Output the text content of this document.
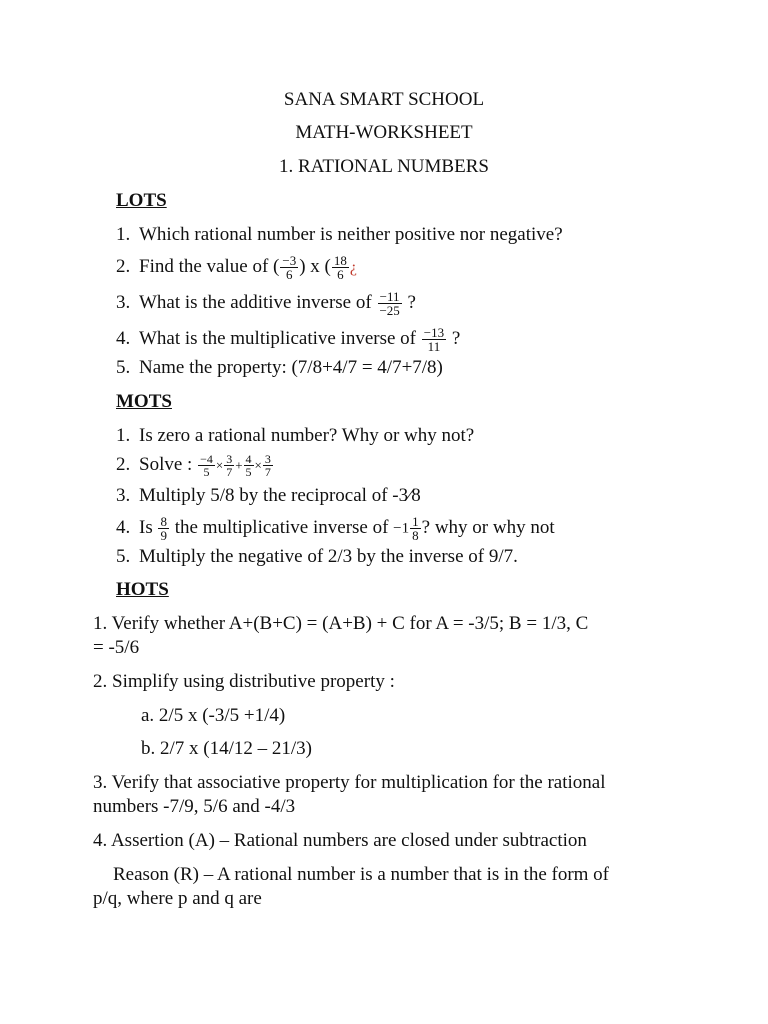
SANA SMART SCHOOL
MATH-WORKSHEET
1. RATIONAL NUMBERS
LOTS
1. Which rational number is neither positive nor negative?
2. Find the value of ( $\frac{-3}{6}$ ) x ( $\frac{18}{6}$ ¿
3. What is the additive inverse of $\frac{-11}{-25}$ ?
4. What is the multiplicative inverse of $\frac{-13}{11}$ ?
5. Name the property: (7/8+4/7 = 4/7+7/8)
MOTS
1. Is zero a rational number? Why or why not?
2. Solve : $\frac{-4}{5} \times \frac{3}{7} + \frac{4}{5} \times \frac{3}{7}$
3. Multiply 5/8 by the reciprocal of -3⁄8
4. Is $\frac{8}{9}$ the multiplicative inverse of $-1 \frac{1}{8}$ ? why or why not
5. Multiply the negative of 2/3 by the inverse of 9/7.
HOTS
1. Verify whether A+(B+C) = (A+B) + C for A = -3/5; B = 1/3, C
= -5/6
2. Simplify using distributive property :
a. 2/5 x (-3/5 +1/4)
b. 2/7 x (14/12 – 21/3)
3. Verify that associative property for multiplication for the rational
numbers -7/9, 5/6 and -4/3
4. Assertion (A) – Rational numbers are closed under subtraction
Reason (R) – A rational number is a number that is in the form of
p/q, where p and q are
